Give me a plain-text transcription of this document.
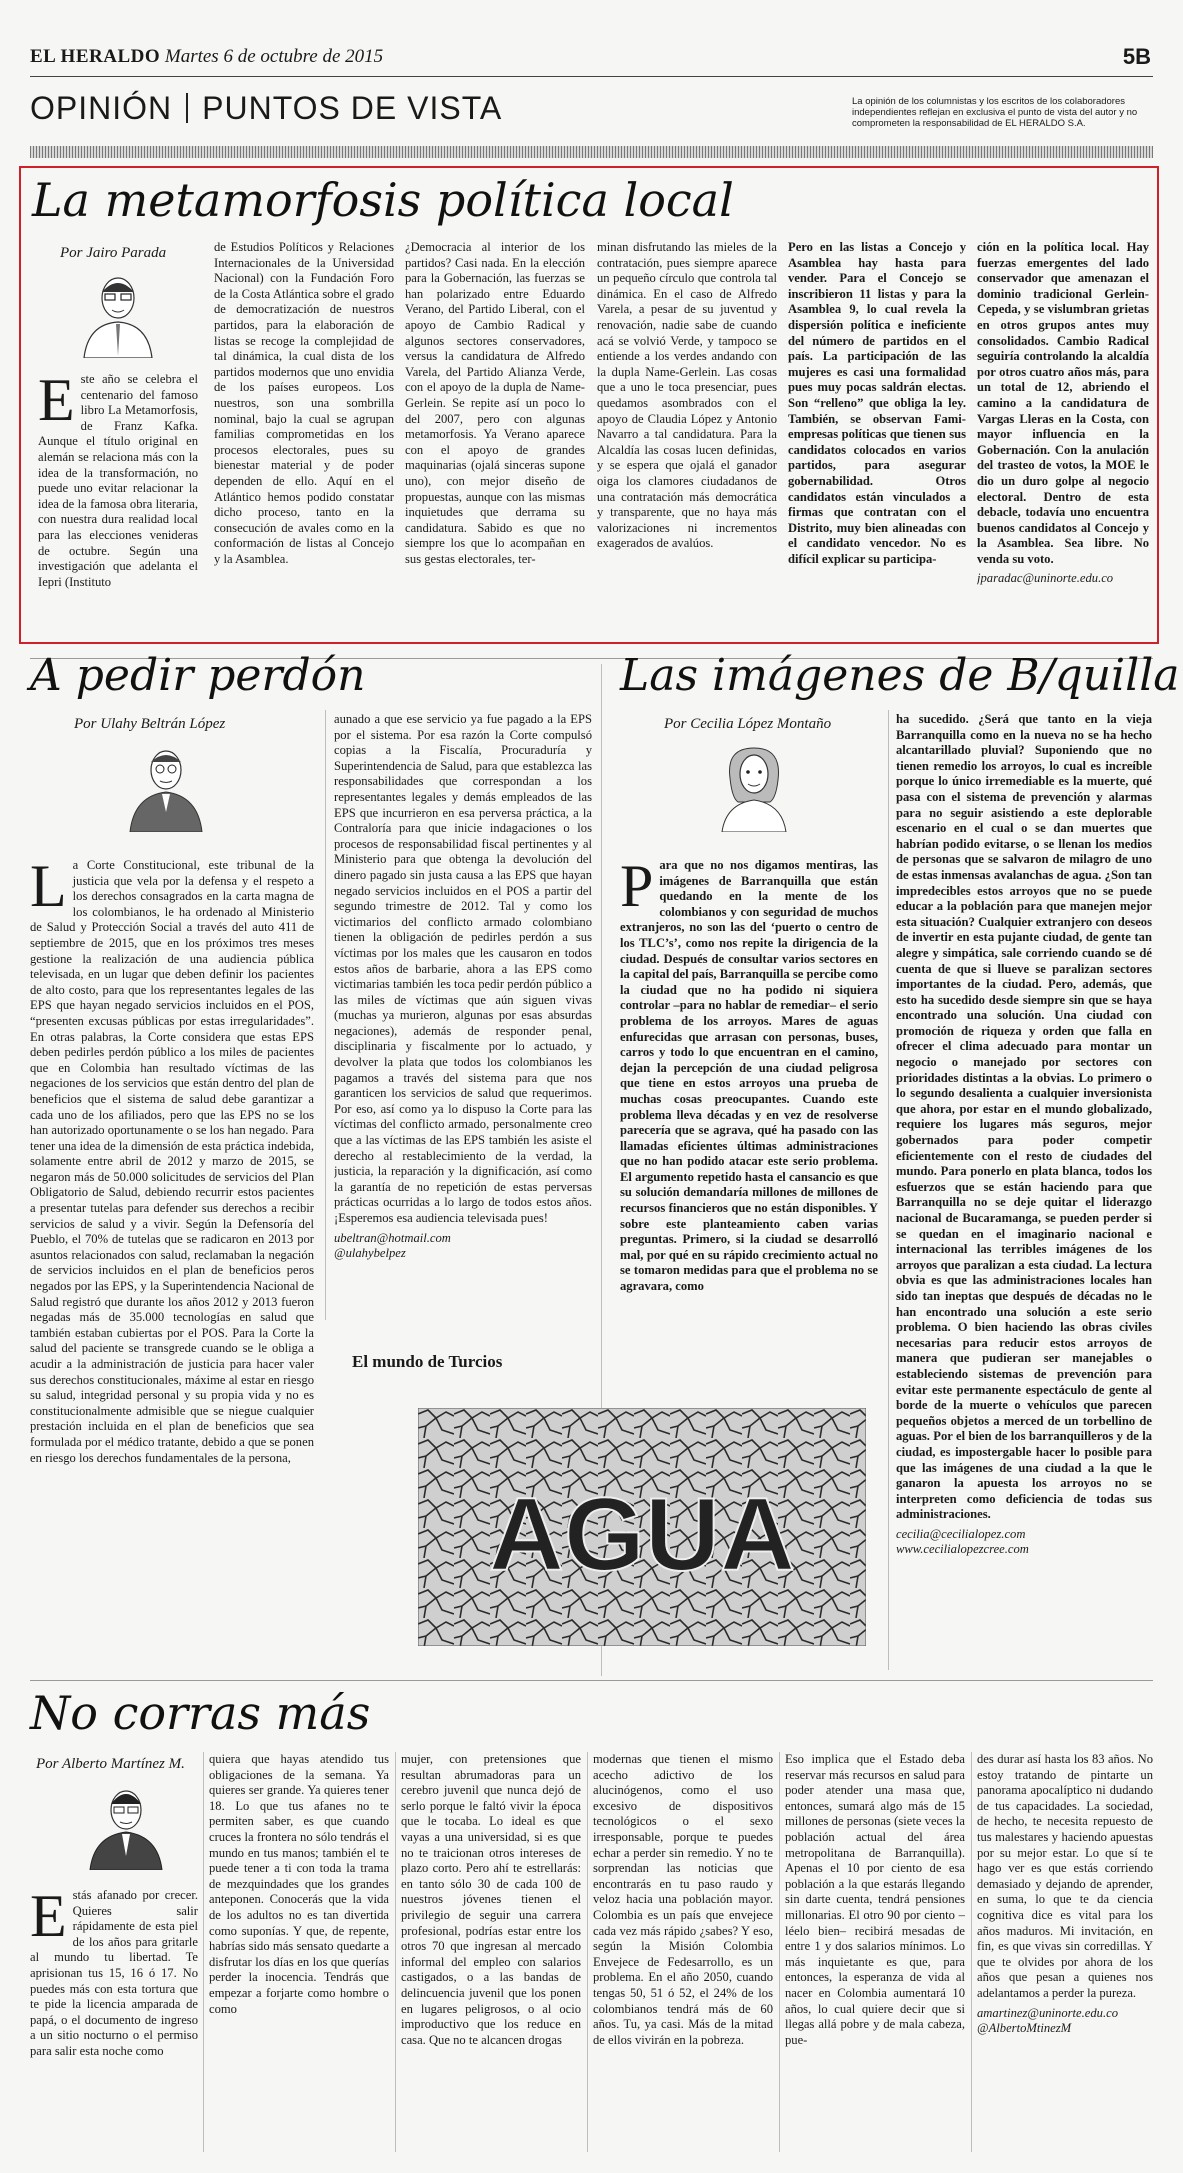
EL HERALDO Martes 6 de octubre de 2015	5B
OPINIÓN PUNTOS DE VISTA	La opinión de los columnistas y los escritos de los colaboradores independientes reflejan en exclusiva el punto de vista del autor y no comprometen la responsabilidad de EL HERALDO S.A.
La metamorfosis política local
Por Jairo Parada
Este año se celebra el centenario del famoso libro La Metamorfosis, de Franz Kafka. Aunque el título original en alemán se relaciona más con la idea de la transformación, no puede uno evitar relacionar la idea de la famosa obra literaria, con nuestra dura realidad local para las elecciones venideras de octubre. Según una investigación que adelanta el Iepri (Instituto
de Estudios Políticos y Relaciones Internacionales de la Universidad Nacional) con la Fundación Foro de la Costa Atlántica sobre el grado de democratización de nuestros partidos, para la elaboración de listas se recoge la complejidad de tal dinámica, la cual dista de los partidos modernos que uno envidia de los países europeos. Los nuestros, son una sombrilla nominal, bajo la cual se agrupan familias comprometidas en los procesos electorales, pues su bienestar material y de poder dependen de ello. Aquí en el Atlántico hemos podido constatar dicho proceso, tanto en la consecución de avales como en la conformación de listas al Concejo y la Asamblea.
¿Democracia al interior de los partidos? Casi nada. En la elección para la Gobernación, las fuerzas se han polarizado entre Eduardo Verano, del Partido Liberal, con el apoyo de Cambio Radical y algunos sectores conservadores, versus la candidatura de Alfredo Varela, del Partido Alianza Verde, con el apoyo de la dupla de Name-Gerlein. Se repite así un poco lo del 2007, pero con algunas metamorfosis. Ya Verano aparece con el apoyo de grandes maquinarias (ojalá sinceras supone uno), con mejor diseño de propuestas, aunque con las mismas inquietudes que derrama su candidatura. Sabido es que no siempre los que lo acompañan en sus gestas electorales, ter-
minan disfrutando las mieles de la contratación, pues siempre aparece un pequeño círculo que controla tal dinámica. En el caso de Alfredo Varela, a pesar de su juventud y renovación, nadie sabe de cuando acá se volvió Verde, y tampoco se entiende a los verdes andando con la dupla Name-Gerlein. Las cosas que a uno le toca presenciar, pues quedamos asombrados con el apoyo de Claudia López y Antonio Navarro a tal candidatura. Para la Alcaldía las cosas lucen definidas, y se espera que ojalá el ganador oiga los clamores ciudadanos de una contratación más democrática y transparente, que no haya más valorizaciones ni incrementos exagerados de avalúos.
Pero en las listas a Concejo y Asamblea hay hasta para vender. Para el Concejo se inscribieron 11 listas y para la Asamblea 9, lo cual revela la dispersión política e ineficiente del número de partidos en el país. La participación de las mujeres es casi una formalidad pues muy pocas saldrán electas. Son “relleno” que obliga la ley. También, se observan Fami-empresas políticas que tienen sus candidatos colocados en varios partidos, para asegurar gobernabilidad. Otros candidatos están vinculados a firmas que contratan con el Distrito, muy bien alineadas con el candidato vencedor. No es difícil explicar su participa-
ción en la política local. Hay fuerzas emergentes del lado conservador que amenazan el dominio tradicional Gerlein-Cepeda, y se vislumbran grietas en otros grupos antes muy consolidados. Cambio Radical seguiría controlando la alcaldía por otros cuatro años más, para un total de 12, abriendo el camino a la candidatura de Vargas Lleras en la Costa, con mayor influencia en la Gobernación. Con la anulación del trasteo de votos, la MOE le dio un duro golpe al negocio electoral. Dentro de esta debacle, todavía uno encuentra buenos candidatos al Concejo y la Asamblea. Sea libre. No venda su voto.
jparadac@uninorte.edu.co
A pedir perdón
Por Ulahy Beltrán López
La Corte Constitucional, este tribunal de la justicia que vela por la defensa y el respeto a los derechos consagrados en la carta magna de los colombianos, le ha ordenado al Ministerio de Salud y Protección Social a través del auto 411 de septiembre de 2015, que en los próximos tres meses gestione la realización de una audiencia pública televisada, en un lugar que deben definir los pacientes de alto costo, para que los representantes legales de las EPS que hayan negado servicios incluidos en el POS, “presenten excusas públicas por estas irregularidades”. En otras palabras, la Corte considera que estas EPS deben pedirles perdón público a los miles de pacientes que en Colombia han resultado víctimas de las negaciones de los servicios que están dentro del plan de beneficios que el sistema de salud debe garantizar a cada uno de los afiliados, pero que las EPS no se los han autorizado oportunamente o se los han negado. Para tener una idea de la dimensión de esta práctica indebida, solamente entre abril de 2012 y marzo de 2015, se negaron más de 50.000 solicitudes de servicios del Plan Obligatorio de Salud, debiendo recurrir estos pacientes a presentar tutelas para defender sus derechos a recibir servicios de salud y a vivir. Según la Defensoría del Pueblo, el 70% de tutelas que se radicaron en 2013 por asuntos relacionados con salud, reclamaban la negación de servicios incluidos en el plan de beneficios peros negados por las EPS, y la Superintendencia Nacional de Salud registró que durante los años 2012 y 2013 fueron negadas más de 35.000 tecnologías en salud que también estaban cubiertas por el POS. Para la Corte la salud del paciente se transgrede cuando se le obliga a acudir a la administración de justicia para hacer valer sus derechos constitucionales, máxime al estar en riesgo su salud, integridad personal y su propia vida y no es constitucionalmente admisible que se niegue cualquier prestación incluida en el plan de beneficios que sea formulada por el médico tratante, debido a que se ponen en riesgo los derechos fundamentales de la persona,
aunado a que ese servicio ya fue pagado a la EPS por el sistema. Por esa razón la Corte compulsó copias a la Fiscalía, Procuraduría y Superintendencia de Salud, para que establezca las responsabilidades que correspondan a los representantes legales y demás empleados de las EPS que incurrieron en esa perversa práctica, a la Contraloría para que inicie indagaciones o los procesos de responsabilidad fiscal pertinentes y al Ministerio para que obtenga la devolución del dinero pagado sin justa causa a las EPS que hayan negado servicios incluidos en el POS a partir del segundo trimestre de 2012. Tal y como los victimarios del conflicto armado colombiano tienen la obligación de pedirles perdón a sus víctimas por los males que les causaron en todos estos años de barbarie, ahora a las EPS como victimarias también les toca pedir perdón público a las miles de víctimas que aún siguen vivas (muchas ya murieron, algunas por esas absurdas negaciones), además de responder penal, disciplinaria y fiscalmente por lo actuado, y devolver la plata que todos los colombianos les pagamos a través del sistema para que nos garanticen los servicios de salud que requerimos. Por eso, así como ya lo dispuso la Corte para las víctimas del conflicto armado, personalmente creo que a las víctimas de las EPS también les asiste el derecho al restablecimiento de la verdad, la justicia, la reparación y la dignificación, así como la garantía de no repetición de estas perversas prácticas ocurridas a lo largo de todos estos años. ¡Esperemos esa audiencia televisada pues!
ubeltran@hotmail.com
@ulahybelpez
Las imágenes de B/quilla
Por Cecilia López Montaño
Para que no nos digamos mentiras, las imágenes de Barranquilla que están quedando en la mente de los colombianos y con seguridad de muchos extranjeros, no son las del ‘puerto o centro de los TLC’s’, como nos repite la dirigencia de la ciudad. Después de consultar varios sectores en la capital del país, Barranquilla se percibe como la ciudad que no ha podido ni siquiera controlar –para no hablar de remediar– el serio problema de los arroyos. Mares de aguas enfurecidas que arrasan con personas, buses, carros y todo lo que encuentran en el camino, dejan la percepción de una ciudad peligrosa que tiene en estos arroyos una prueba de muchas cosas preocupantes. Cuando este problema lleva décadas y en vez de resolverse parecería que se agrava, qué ha pasado con las llamadas eficientes últimas administraciones que no han podido atacar este serio problema. El argumento repetido hasta el cansancio es que su solución demandaría millones de millones de recursos financieros que no están disponibles. Y sobre este planteamiento caben varias preguntas. Primero, si la ciudad se desarrolló mal, por qué en su rápido crecimiento actual no se tomaron medidas para que el problema no se agravara, como
ha sucedido. ¿Será que tanto en la vieja Barranquilla como en la nueva no se ha hecho alcantarillado pluvial? Suponiendo que no tienen remedio los arroyos, lo cual es increíble porque lo único irremediable es la muerte, qué pasa con el sistema de prevención y alarmas para no seguir asistiendo a este deplorable escenario en el cual o se dan muertes que habrían podido evitarse, o se llenan los medios de personas que se salvaron de milagro de uno de estas inmensas avalanchas de agua. ¿Son tan impredecibles estos arroyos que no se puede educar a la población para que manejen mejor esta situación? Cualquier extranjero con deseos de invertir en esta pujante ciudad, de gente tan alegre y simpática, sale corriendo cuando se dé cuenta de que si llueve se paralizan sectores importantes de la ciudad. Pero, además, que esto ha sucedido desde siempre sin que se haya encontrado una solución. Una ciudad con promoción de riqueza y orden que falla en ofrecer el clima adecuado para montar un negocio o manejado por sectores con prioridades distintas a la obvias. Lo primero o lo segundo desalienta a cualquier inversionista que ahora, por estar en el mundo globalizado, requiere los lugares más seguros, mejor gobernados para poder competir eficientemente con el resto de ciudades del mundo. Para ponerlo en plata blanca, todos los esfuerzos que se están haciendo para que Barranquilla no se deje quitar el liderazgo nacional de Bucaramanga, se pueden perder si se quedan en el imaginario nacional e internacional las terribles imágenes de los arroyos que paralizan a esta ciudad. La lectura obvia es que las administraciones locales han sido tan ineptas que después de décadas no le han encontrado una solución a este serio problema. O bien haciendo las obras civiles necesarias para reducir estos arroyos de manera que pudieran ser manejables o estableciendo sistemas de prevención para evitar este permanente espectáculo de gente al borde de la muerte o vehículos que parecen pequeños objetos a merced de un torbellino de aguas. Por el bien de los barranquilleros y de la ciudad, es impostergable hacer lo posible para que las imágenes de una ciudad a la que le ganaron la apuesta los arroyos no se interpreten como deficiencia de todas sus administraciones.
cecilia@cecilialopez.com
www.cecilialopezcree.com
El mundo de Turcios
AGUA
No corras más
Por Alberto Martínez M.
Estás afanado por crecer. Quieres salir rápidamente de esta piel de los años para gritarle al mundo tu libertad. Te aprisionan tus 15, 16 ó 17. No puedes más con esta tortura que te pide la licencia amparada de papá, o el documento de ingreso a un sitio nocturno o el permiso para salir esta noche como
quiera que hayas atendido tus obligaciones de la semana. Ya quieres ser grande. Ya quieres tener 18. Lo que tus afanes no te permiten saber, es que cuando cruces la frontera no sólo tendrás el mundo en tus manos; también el te puede tener a ti con toda la trama de mezquindades que los grandes anteponen. Conocerás que la vida de los adultos no es tan divertida como suponías. Y que, de repente, habrías sido más sensato quedarte a disfrutar los días en los que querías perder la inocencia. Tendrás que empezar a forjarte como hombre o como
mujer, con pretensiones que resultan abrumadoras para un cerebro juvenil que nunca dejó de serlo porque le faltó vivir la época que le tocaba. Lo ideal es que vayas a una universidad, si es que no te traicionan otros intereses de plazo corto. Pero ahí te estrellarás: en tanto sólo 30 de cada 100 de nuestros jóvenes tienen el privilegio de seguir una carrera profesional, podrías estar entre los otros 70 que ingresan al mercado informal del empleo con salarios castigados, o a las bandas de delincuencia juvenil que los ponen en lugares peligrosos, o al ocio improductivo que los reduce en casa. Que no te alcancen drogas
modernas que tienen el mismo acecho adictivo de los alucinógenos, como el uso excesivo de dispositivos tecnológicos o el sexo irresponsable, porque te puedes echar a perder sin remedio. Y no te sorprendan las noticias que encontrarás en tu paso raudo y veloz hacia una población mayor. Colombia es un país que envejece cada vez más rápido ¿sabes? Y eso, según la Misión Colombia Envejece de Fedesarrollo, es un problema. En el año 2050, cuando tengas 50, 51 ó 52, el 24% de los colombianos tendrá más de 60 años. Tu, ya casi. Más de la mitad de ellos vivirán en la pobreza.
Eso implica que el Estado deba reservar más recursos en salud para poder atender una masa que, entonces, sumará algo más de 15 millones de personas (siete veces la población actual del área metropolitana de Barranquilla). Apenas el 10 por ciento de esa población a la que estarás llegando sin darte cuenta, tendrá pensiones millonarias. El otro 90 por ciento –léelo bien– recibirá mesadas de entre 1 y dos salarios mínimos. Lo más inquietante es que, para entonces, la esperanza de vida al nacer en Colombia aumentará 10 años, lo cual quiere decir que si llegas allá pobre y de mala cabeza, pue-
des durar así hasta los 83 años. No estoy tratando de pintarte un panorama apocalíptico ni dudando de tus capacidades. La sociedad, de hecho, te necesita repuesto de tus malestares y haciendo apuestas por su mejor estar. Lo que sí te hago ver es que estás corriendo demasiado y dejando de aprender, en suma, lo que te da ciencia cognitiva dice es vital para los años maduros. Mi invitación, en fin, es que vivas sin corredillas. Y que te olvides por ahora de los años que pesan a quienes nos adelantamos a perder la pureza.
amartinez@uninorte.edu.co
@AlbertoMtinezM
